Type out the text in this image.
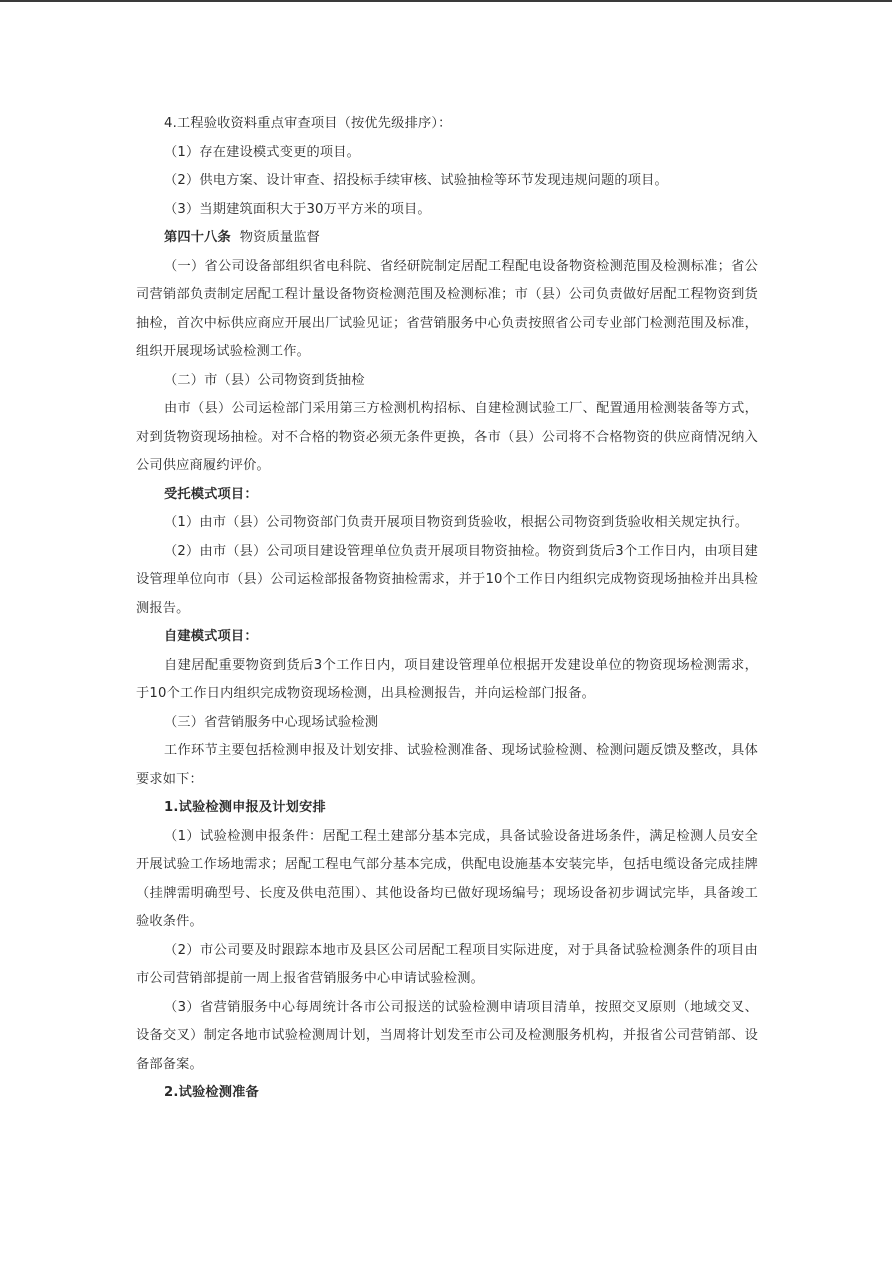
4.工程验收资料重点审查项目（按优先级排序）：

（1）存在建设模式变更的项目。

（2）供电方案、设计审查、招投标手续审核、试验抽检等环节发现违规问题的项目。

（3）当期建筑面积大于30万平方米的项目。

第四十八条  物资质量监督

（一）省公司设备部组织省电科院、省经研院制定居配工程配电设备物资检测范围及检测标准；省公司营销部负责制定居配工程计量设备物资检测范围及检测标准；市（县）公司负责做好居配工程物资到货抽检，首次中标供应商应开展出厂试验见证；省营销服务中心负责按照省公司专业部门检测范围及标准，组织开展现场试验检测工作。

（二）市（县）公司物资到货抽检

由市（县）公司运检部门采用第三方检测机构招标、自建检测试验工厂、配置通用检测装备等方式，对到货物资现场抽检。对不合格的物资必须无条件更换，各市（县）公司将不合格物资的供应商情况纳入公司供应商履约评价。

受托模式项目：

（1）由市（县）公司物资部门负责开展项目物资到货验收，根据公司物资到货验收相关规定执行。

（2）由市（县）公司项目建设管理单位负责开展项目物资抽检。物资到货后3个工作日内，由项目建设管理单位向市（县）公司运检部报备物资抽检需求，并于10个工作日内组织完成物资现场抽检并出具检测报告。

自建模式项目：

自建居配重要物资到货后3个工作日内，项目建设管理单位根据开发建设单位的物资现场检测需求，于10个工作日内组织完成物资现场检测，出具检测报告，并向运检部门报备。

（三）省营销服务中心现场试验检测

工作环节主要包括检测申报及计划安排、试验检测准备、现场试验检测、检测问题反馈及整改，具体要求如下：

1.试验检测申报及计划安排

（1）试验检测申报条件：居配工程土建部分基本完成，具备试验设备进场条件，满足检测人员安全开展试验工作场地需求；居配工程电气部分基本完成，供配电设施基本安装完毕，包括电缆设备完成挂牌（挂牌需明确型号、长度及供电范围）、其他设备均已做好现场编号；现场设备初步调试完毕，具备竣工验收条件。

（2）市公司要及时跟踪本地市及县区公司居配工程项目实际进度，对于具备试验检测条件的项目由市公司营销部提前一周上报省营销服务中心申请试验检测。

（3）省营销服务中心每周统计各市公司报送的试验检测申请项目清单，按照交叉原则（地域交叉、设备交叉）制定各地市试验检测周计划，当周将计划发至市公司及检测服务机构，并报省公司营销部、设备部备案。

2.试验检测准备
